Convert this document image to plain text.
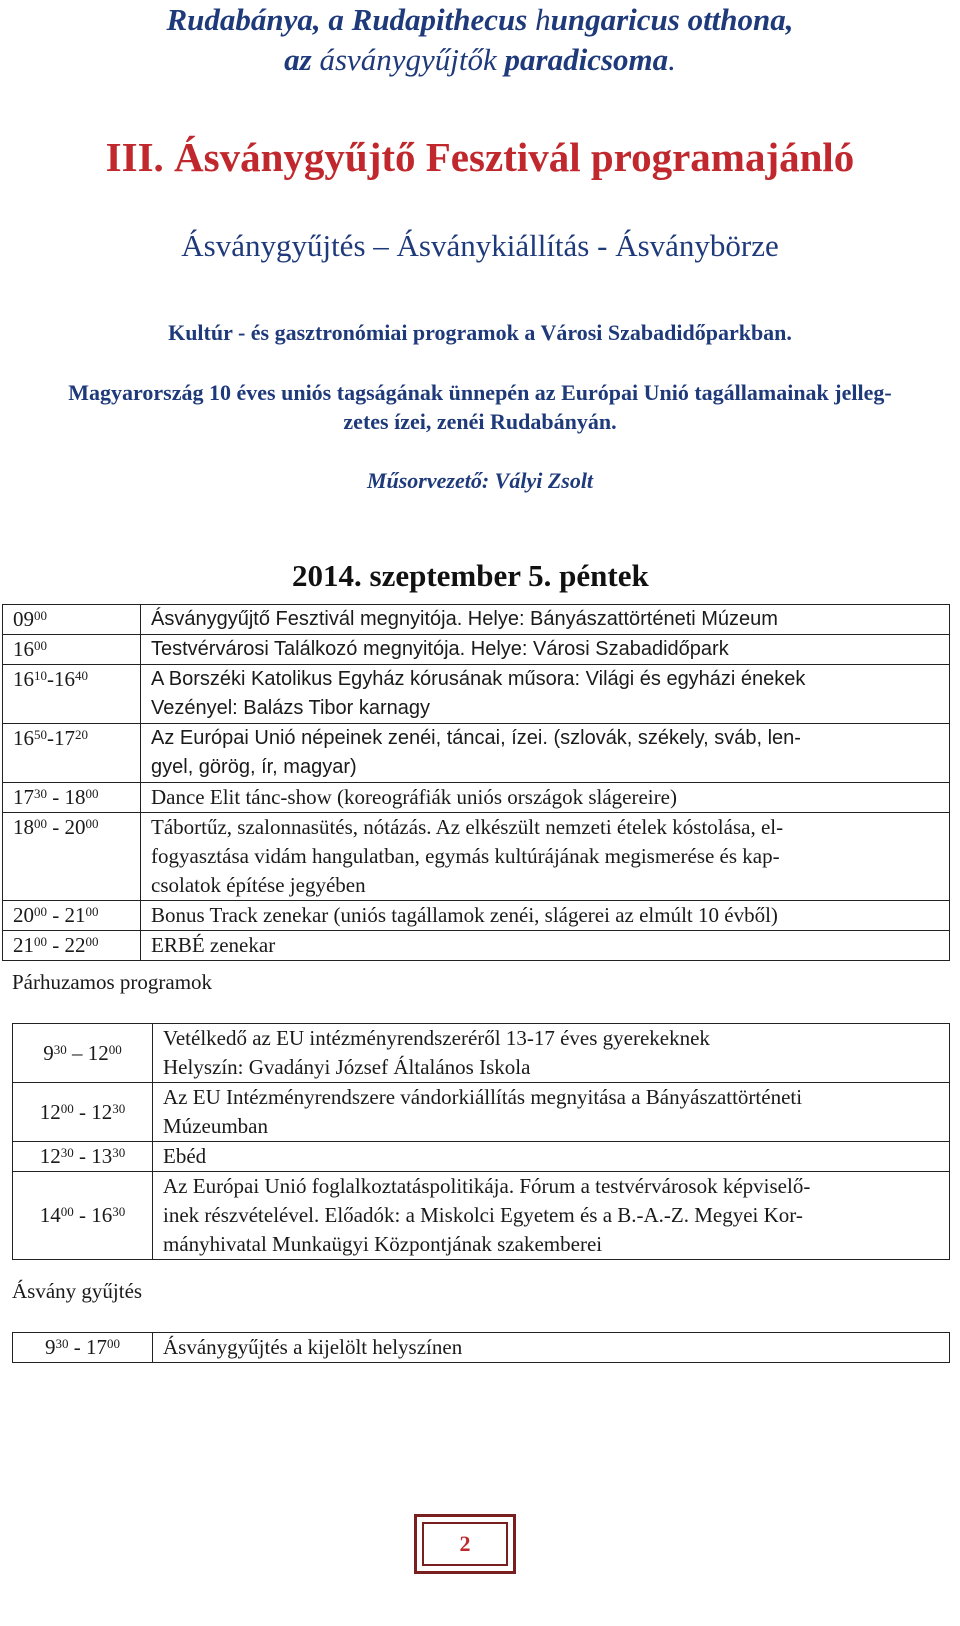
Rudabánya, a Rudapithecus hungaricus otthona,
az ásványgyűjtők paradicsoma.
III. Ásványgyűjtő Fesztivál programajánló
Ásványgyűjtés – Ásványkiállítás - Ásványbörze
Kultúr - és gasztronómiai programok a Városi Szabadidőparkban.
Magyarország 10 éves uniós tagságának ünnepén az Európai Unió tagállamainak jelleg-
zetes ízei, zenéi Rudabányán.
Műsorvezető: Vályi Zsolt
2014. szeptember 5. péntek
$09^{00}$	Ásványgyűjtő Fesztivál megnyitója. Helye: Bányászattörténeti Múzeum

$16^{00}$	Testvérvárosi Találkozó megnyitója. Helye: Városi Szabadidőpark

$16^{10}-16^{40}$	A Borszéki Katolikus Egyház kórusának műsora: Világi és egyházi énekek
Vezényel: Balázs Tibor karnagy

$16^{50}-17^{20}$	Az Európai Unió népeinek zenéi, táncai, ízei. (szlovák, székely, sváb, len-
gyel, görög, ír, magyar)

$17^{30} - 18^{00}$	Dance Elit tánc-show (koreográfiák uniós országok slágereire)

$18^{00} - 20^{00}$	Tábortűz, szalonnasütés, nótázás. Az elkészült nemzeti ételek kóstolása, el-
fogyasztása vidám hangulatban, egymás kultúrájának megismerése és kap-
csolatok építése jegyében

$20^{00} - 21^{00}$	Bonus Track zenekar (uniós tagállamok zenéi, slágerei az elmúlt 10 évből)

$21^{00} - 22^{00}$	ERBÉ zenekar
Párhuzamos programok
$9^{30} - 12^{00}$	Vetélkedő az EU intézményrendszeréről 13-17 éves gyerekeknek
Helyszín: Gvadányi József Általános Iskola

$12^{00} - 12^{30}$	Az EU Intézményrendszere vándorkiállítás megnyitása a Bányászattörténeti
Múzeumban

$12^{30} - 13^{30}$	Ebéd

$14^{00} - 16^{30}$	Az Európai Unió foglalkoztatáspolitikája. Fórum a testvérvárosok képviselő-
inek részvételével. Előadók: a Miskolci Egyetem és a B.-A.-Z. Megyei Kor-
mányhivatal Munkaügyi Központjának szakemberei
Ásvány gyűjtés
$9^{30} - 17^{00}$	Ásványgyűjtés a kijelölt helyszínen
2
